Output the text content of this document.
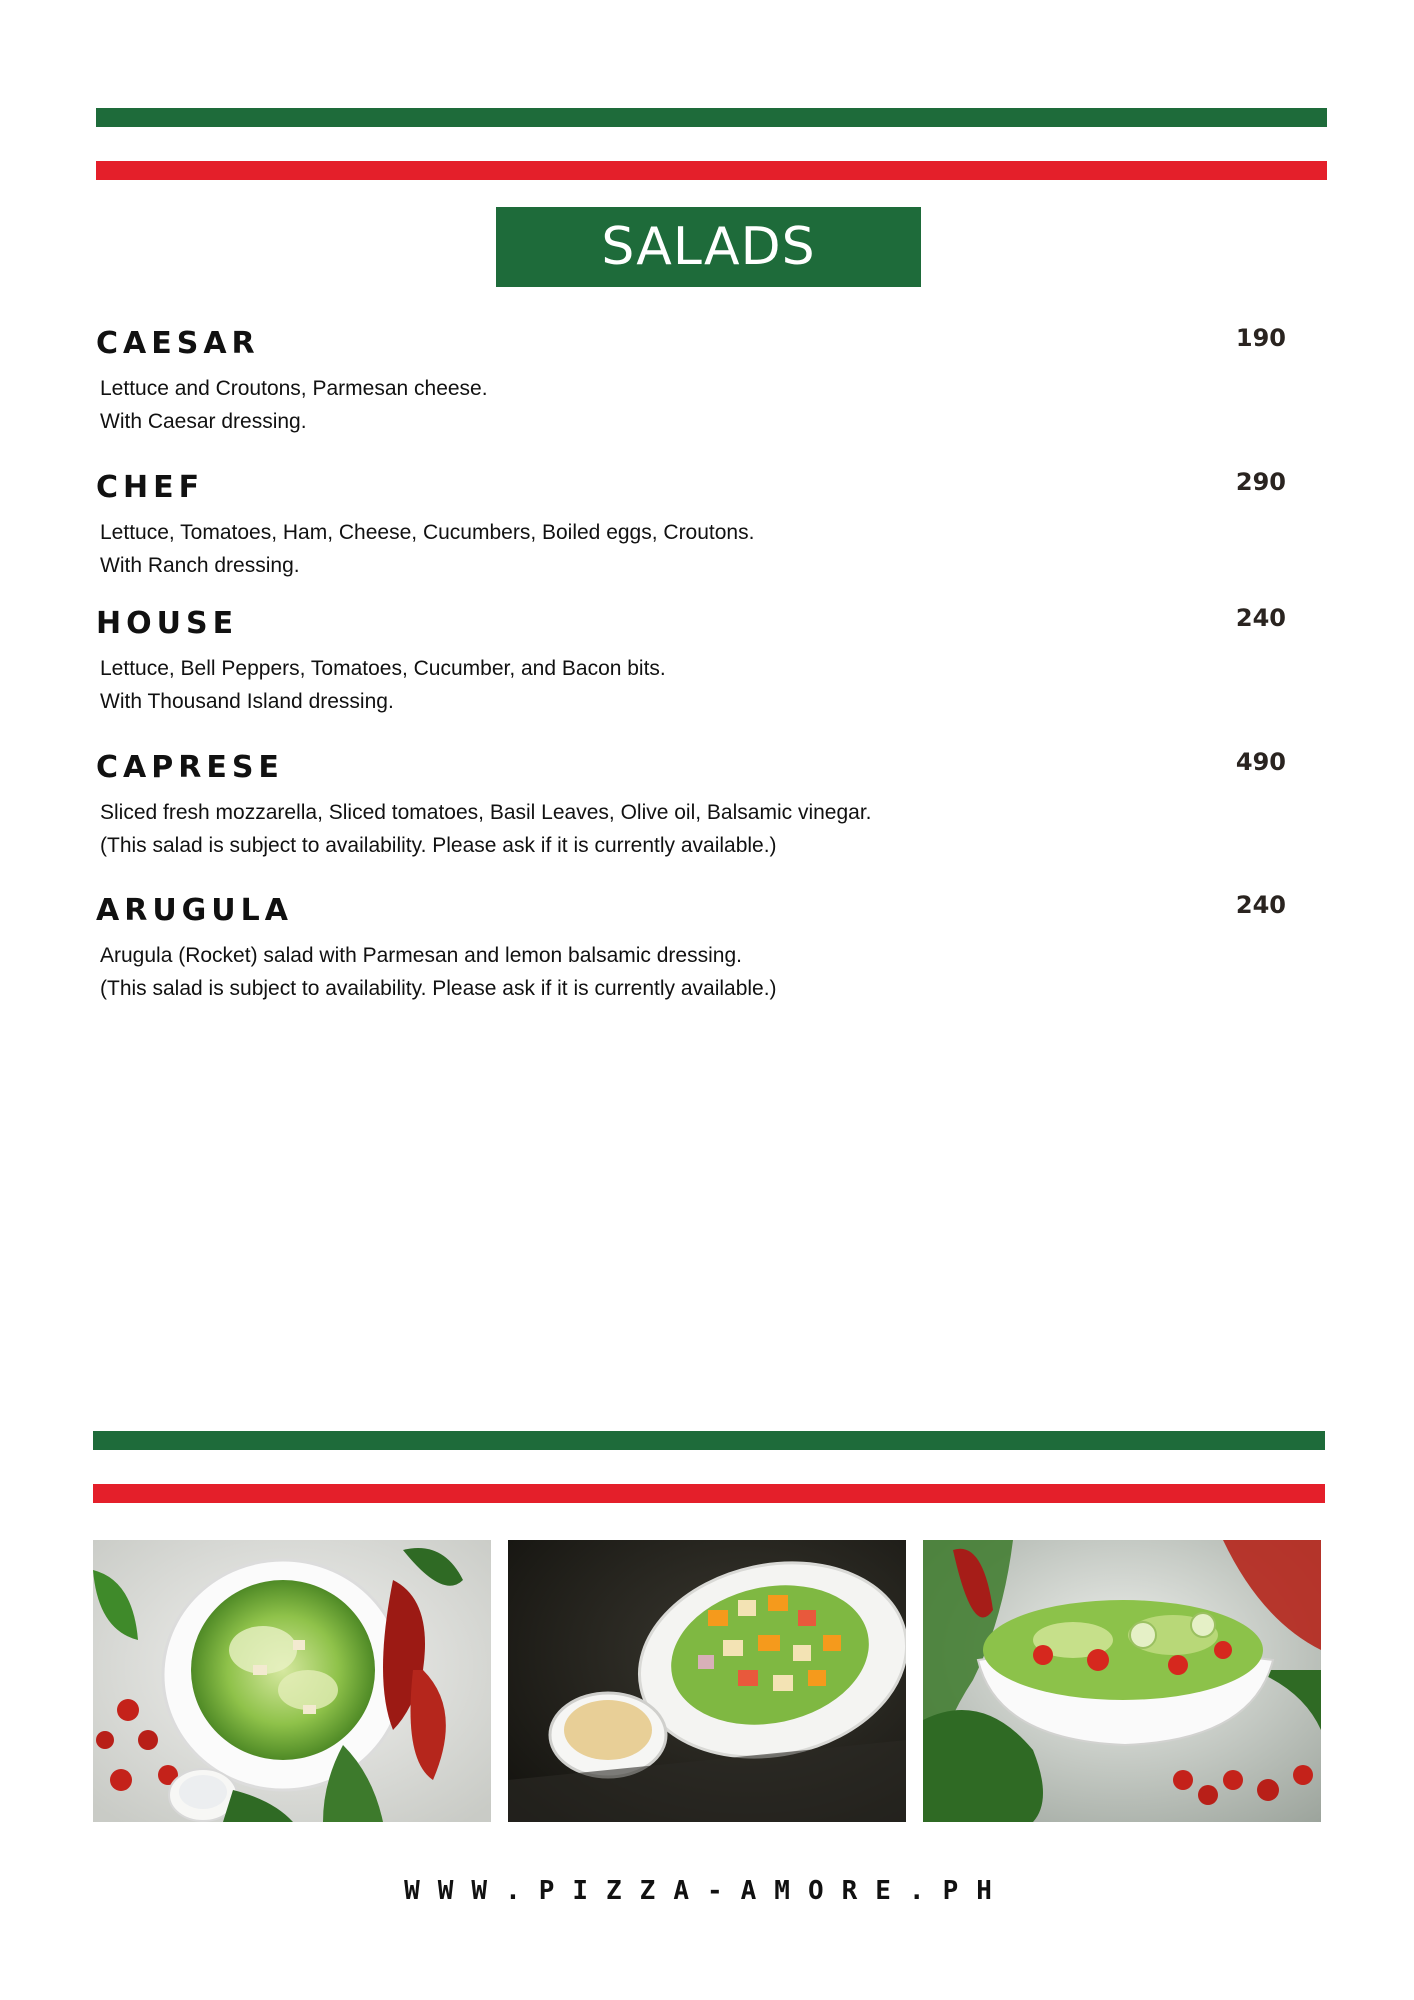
SALADS
CAESAR	190
Lettuce and Croutons, Parmesan cheese.
With Caesar dressing.
CHEF	290
Lettuce, Tomatoes, Ham, Cheese, Cucumbers, Boiled eggs, Croutons.
With Ranch dressing.
HOUSE	240
Lettuce, Bell Peppers, Tomatoes, Cucumber, and Bacon bits.
With Thousand Island dressing.
CAPRESE	490
Sliced fresh mozzarella, Sliced tomatoes, Basil Leaves, Olive oil, Balsamic vinegar.
(This salad is subject to availability. Please ask if it is currently available.)
ARUGULA	240
Arugula (Rocket) salad with Parmesan and lemon balsamic dressing.
(This salad is subject to availability. Please ask if it is currently available.)
WWW.PIZZA-AMORE.PH
